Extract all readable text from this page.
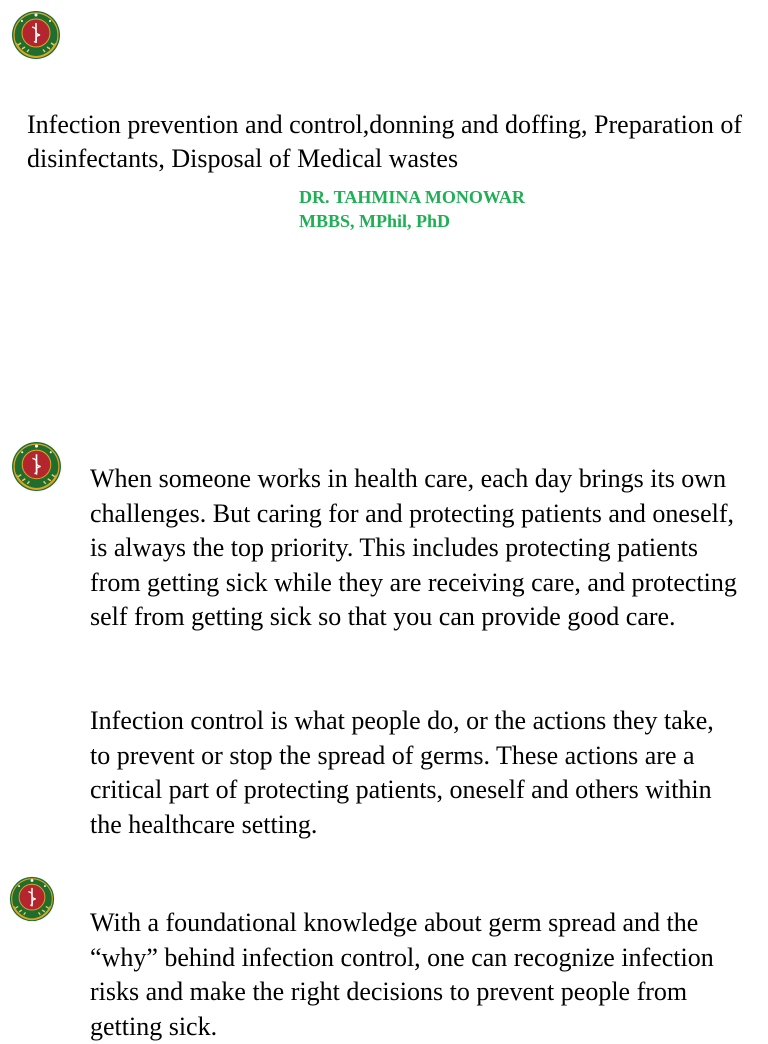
Infection prevention and control,donning and doffing, Preparation of disinfectants, Disposal of Medical wastes
DR. TAHMINA MONOWAR
MBBS, MPhil, PhD

When someone works in health care, each day brings its own challenges. But caring for and protecting patients and oneself, is always the top priority. This includes protecting patients from getting sick while they are receiving care, and protecting self from getting sick so that you can provide good care.

Infection control is what people do, or the actions they take, to prevent or stop the spread of germs. These actions are a critical part of protecting patients, oneself and others within the healthcare setting.

With a foundational knowledge about germ spread and the “why” behind infection control, one can recognize infection risks and make the right decisions to prevent people from getting sick.
